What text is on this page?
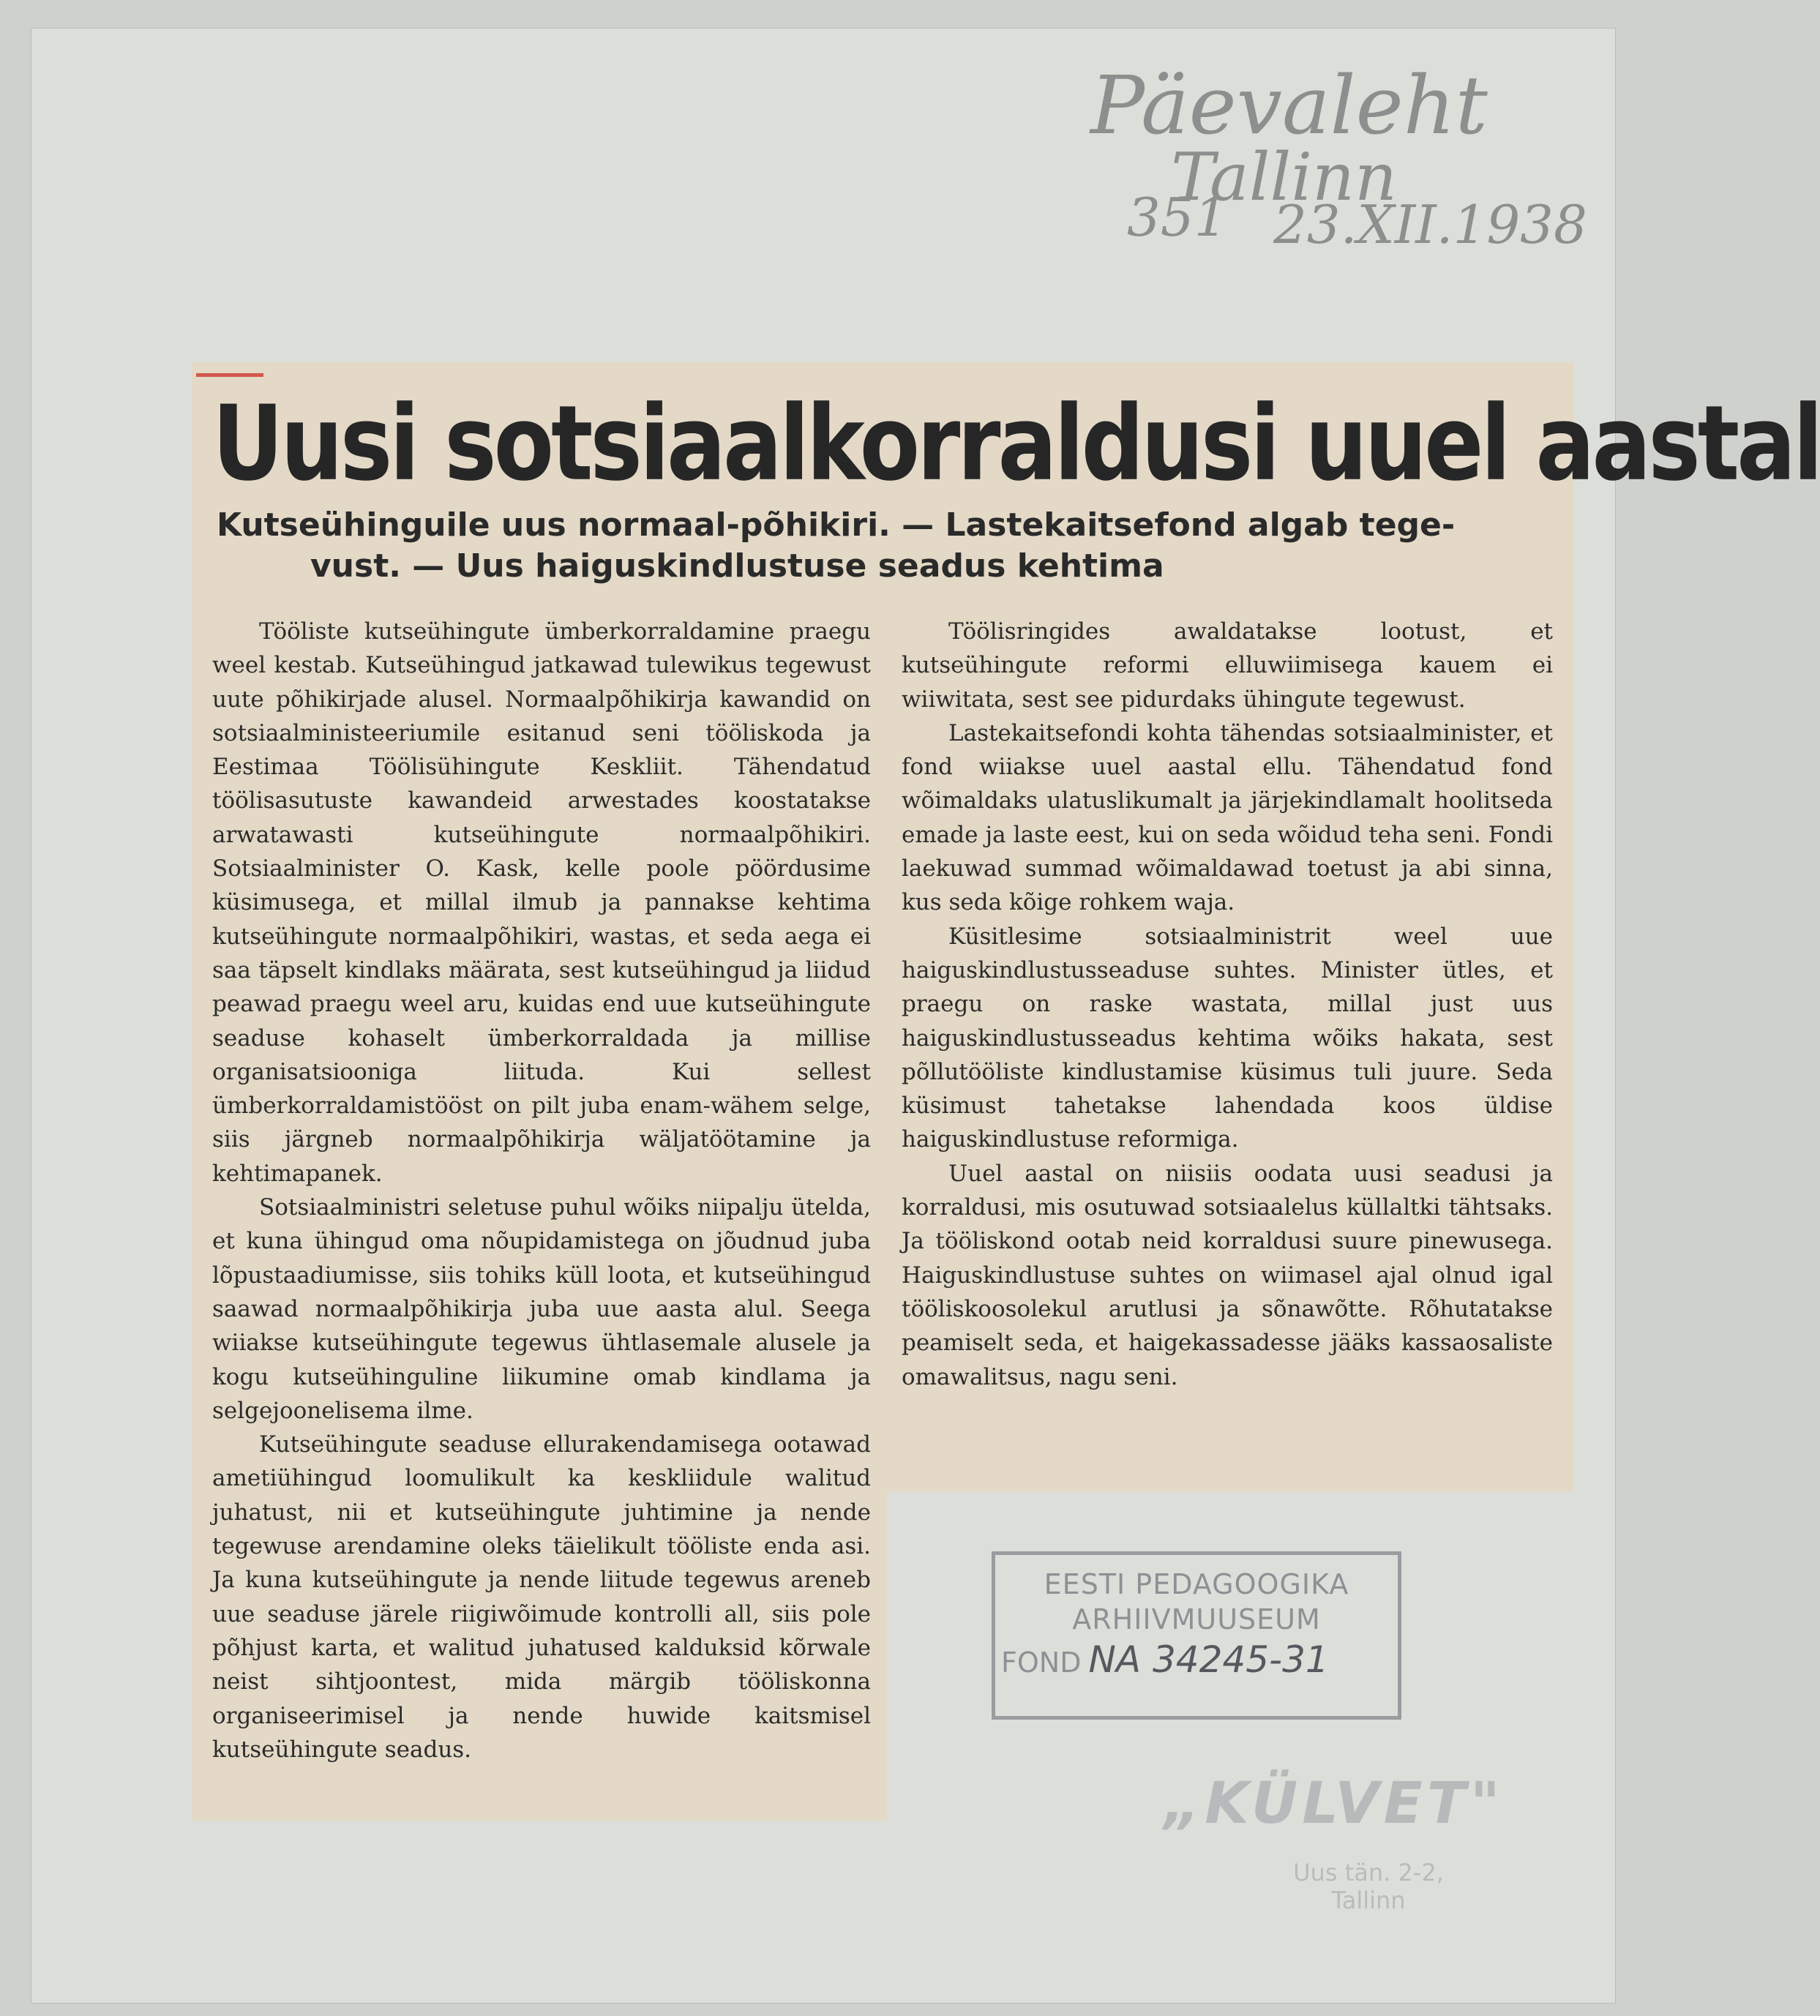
Päevaleht
Tallinn
351 23.XII.1938
Uusi sotsiaalkorraldusi uuel aastal
Kutseühinguile uus normaal-põhikiri. — Lastekaitsefond algab tege-
vust. — Uus haiguskindlustuse seadus kehtima

Tööliste kutseühingute ümberkorraldamine praegu weel kestab. Kutseühingud jatkawad tulewikus tegewust uute põhikirjade alusel. Normaalpõhikirja kawandid on sotsiaalministeeriumile esitanud seni tööliskoda ja Eestimaa Töölisühingute Keskliit. Tähendatud töölisasutuste kawandeid arwestades koostatakse arwatawasti kutseühingute normaalpõhikiri. Sotsiaalminister O. Kask, kelle poole pöördusime küsimusega, et millal ilmub ja pannakse kehtima kutseühingute normaalpõhikiri, wastas, et seda aega ei saa täpselt kindlaks määrata, sest kutseühingud ja liidud peawad praegu weel aru, kuidas end uue kutseühingute seaduse kohaselt ümberkorraldada ja millise organisatsiooniga liituda. Kui sellest ümberkorraldamistööst on pilt juba enam-wähem selge, siis järgneb normaalpõhikirja wäljatöötamine ja kehtimapanek.

Sotsiaalministri seletuse puhul wõiks niipalju ütelda, et kuna ühingud oma nõupidamistega on jõudnud juba lõpustaadiumisse, siis tohiks küll loota, et kutseühingud saawad normaalpõhikirja juba uue aasta alul. Seega wiiakse kutseühingute tegewus ühtlasemale alusele ja kogu kutseühinguline liikumine omab kindlama ja selgejoonelisema ilme.

Kutseühingute seaduse ellurakendamisega ootawad ametiühingud loomulikult ka keskliidule walitud juhatust, nii et kutseühingute juhtimine ja nende tegewuse arendamine oleks täielikult tööliste enda asi. Ja kuna kutseühingute ja nende liitude tegewus areneb uue seaduse järele riigiwõimude kontrolli all, siis pole põhjust karta, et walitud juhatused kalduksid kõrwale neist sihtjoontest, mida märgib tööliskonna organiseerimisel ja nende huwide kaitsmisel kutseühingute seadus.

Töölisringides awaldatakse lootust, et kutseühingute reformi elluwiimisega kauem ei wiiwitata, sest see pidurdaks ühingute tegewust.

Lastekaitsefondi kohta tähendas sotsiaalminister, et fond wiiakse uuel aastal ellu. Tähendatud fond wõimaldaks ulatuslikumalt ja järjekindlamalt hoolitseda emade ja laste eest, kui on seda wõidud teha seni. Fondi laekuwad summad wõimaldawad toetust ja abi sinna, kus seda kõige rohkem waja.

Küsitlesime sotsiaalministrit weel uue haiguskindlustusseaduse suhtes. Minister ütles, et praegu on raske wastata, millal just uus haiguskindlustusseadus kehtima wõiks hakata, sest põllutööliste kindlustamise küsimus tuli juure. Seda küsimust tahetakse lahendada koos üldise haiguskindlustuse reformiga.

Uuel aastal on niisiis oodata uusi seadusi ja korraldusi, mis osutuwad sotsiaalelus küllaltki tähtsaks. Ja tööliskond ootab neid korraldusi suure pinewusega. Haiguskindlustuse suhtes on wiimasel ajal olnud igal tööliskoosolekul arutlusi ja sõnawõtte. Rõhutatakse peamiselt seda, et haigekassadesse jääks kassaosaliste omawalitsus, nagu seni.

EESTI PEDAGOOGIKA
ARHIIVMUUSEUM
FOND NA 34245-31
„KÜLVET"
Uus tän. 2-2,
Tallinn
